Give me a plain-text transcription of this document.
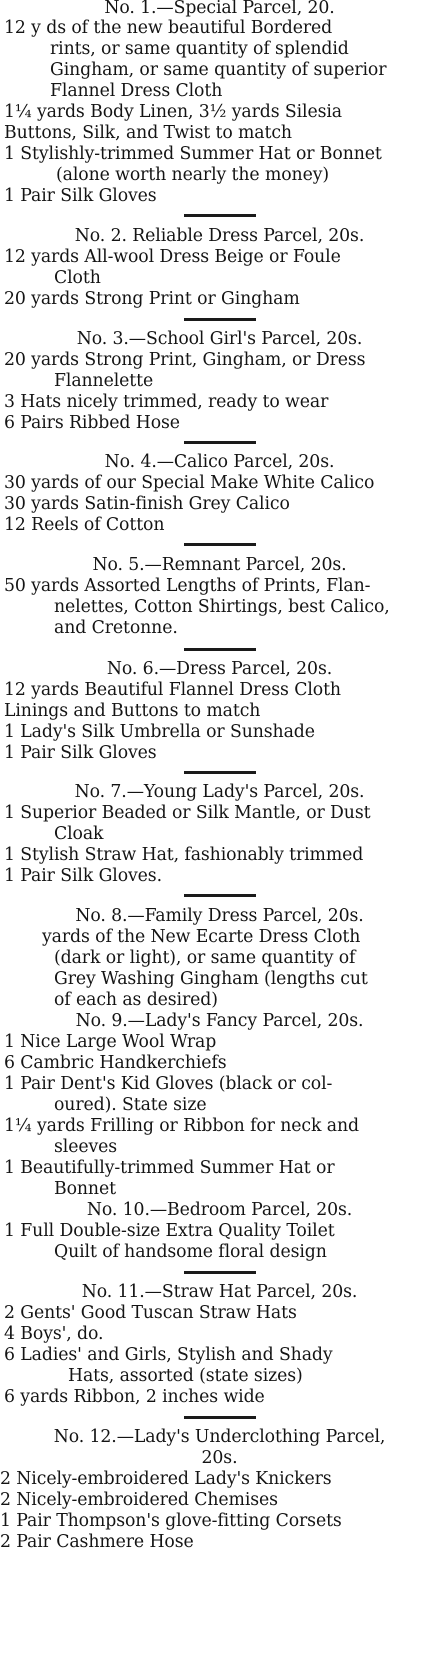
No. 1.—Special Parcel, 20.
12 y ds of the new beautiful Bordered
rints, or same quantity of splendid
Gingham, or same quantity of superior
Flannel Dress Cloth
1¼ yards Body Linen, 3½ yards Silesia
Buttons, Silk, and Twist to match
1 Stylishly-trimmed Summer Hat or Bonnet
(alone worth nearly the money)
1 Pair Silk Gloves
No. 2. Reliable Dress Parcel, 20s.
12 yards All-wool Dress Beige or Foule
Cloth
20 yards Strong Print or Gingham
No. 3.—School Girl's Parcel, 20s.
20 yards Strong Print, Gingham, or Dress
Flannelette
3 Hats nicely trimmed, ready to wear
6 Pairs Ribbed Hose
No. 4.—Calico Parcel, 20s.
30 yards of our Special Make White Calico
30 yards Satin-finish Grey Calico
12 Reels of Cotton
No. 5.—Remnant Parcel, 20s.
50 yards Assorted Lengths of Prints, Flan-
nelettes, Cotton Shirtings, best Calico,
and Cretonne.
No. 6.—Dress Parcel, 20s.
12 yards Beautiful Flannel Dress Cloth
Linings and Buttons to match
1 Lady's Silk Umbrella or Sunshade
1 Pair Silk Gloves
No. 7.—Young Lady's Parcel, 20s.
1 Superior Beaded or Silk Mantle, or Dust
Cloak
1 Stylish Straw Hat, fashionably trimmed
1 Pair Silk Gloves.
No. 8.—Family Dress Parcel, 20s.
yards of the New Ecarte Dress Cloth
(dark or light), or same quantity of
Grey Washing Gingham (lengths cut
of each as desired)
No. 9.—Lady's Fancy Parcel, 20s.
1 Nice Large Wool Wrap
6 Cambric Handkerchiefs
1 Pair Dent's Kid Gloves (black or col-
oured). State size
1¼ yards Frilling or Ribbon for neck and
sleeves
1 Beautifully-trimmed Summer Hat or
Bonnet
No. 10.—Bedroom Parcel, 20s.
1 Full Double-size Extra Quality Toilet
Quilt of handsome floral design
No. 11.—Straw Hat Parcel, 20s.
2 Gents' Good Tuscan Straw Hats
4 Boys', do.
6 Ladies' and Girls, Stylish and Shady
Hats, assorted (state sizes)
6 yards Ribbon, 2 inches wide
No. 12.—Lady's Underclothing Parcel,
20s.
2 Nicely-embroidered Lady's Knickers
2 Nicely-embroidered Chemises
1 Pair Thompson's glove-fitting Corsets
2 Pair Cashmere Hose
